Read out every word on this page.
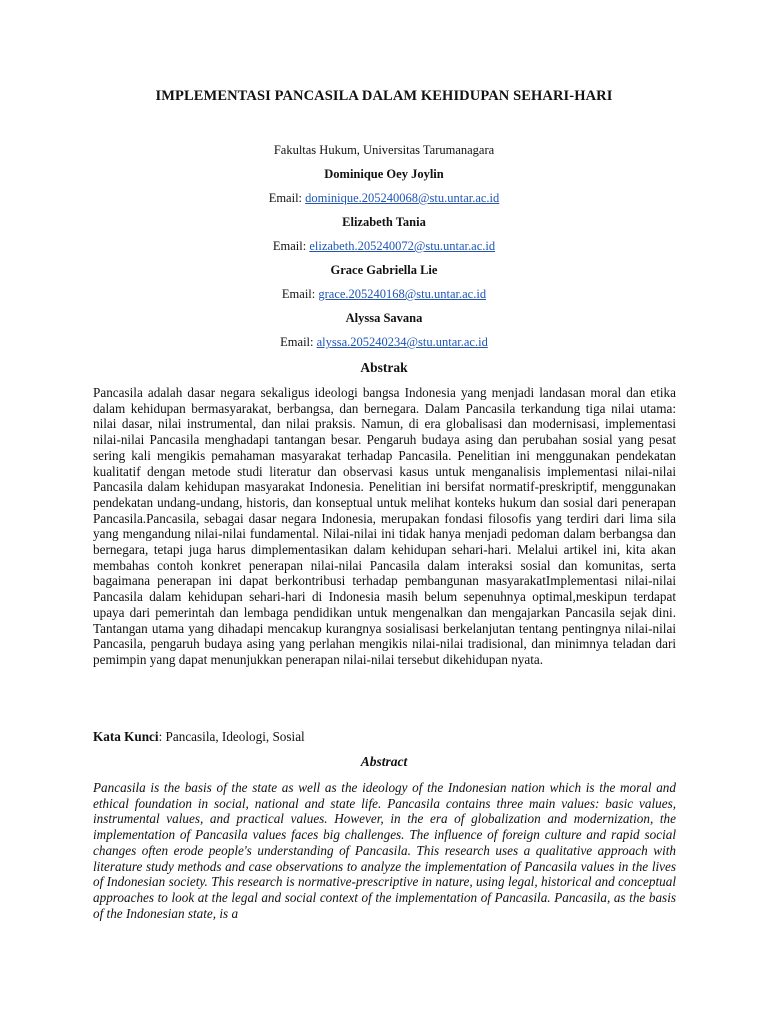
IMPLEMENTASI PANCASILA DALAM KEHIDUPAN SEHARI-HARI
Fakultas Hukum, Universitas Tarumanagara
Dominique Oey Joylin
Email: dominique.205240068@stu.untar.ac.id
Elizabeth Tania
Email: elizabeth.205240072@stu.untar.ac.id
Grace Gabriella Lie
Email: grace.205240168@stu.untar.ac.id
Alyssa Savana
Email: alyssa.205240234@stu.untar.ac.id
Abstrak

Pancasila adalah dasar negara sekaligus ideologi bangsa Indonesia yang menjadi landasan moral dan etika dalam kehidupan bermasyarakat, berbangsa, dan bernegara. Dalam Pancasila terkandung tiga nilai utama: nilai dasar, nilai instrumental, dan nilai praksis. Namun, di era globalisasi dan modernisasi, implementasi nilai-nilai Pancasila menghadapi tantangan besar. Pengaruh budaya asing dan perubahan sosial yang pesat sering kali mengikis pemahaman masyarakat terhadap Pancasila. Penelitian ini menggunakan pendekatan kualitatif dengan metode studi literatur dan observasi kasus untuk menganalisis implementasi nilai-nilai Pancasila dalam kehidupan masyarakat Indonesia. Penelitian ini bersifat normatif-preskriptif, menggunakan pendekatan undang-undang, historis, dan konseptual untuk melihat konteks hukum dan sosial dari penerapan Pancasila.Pancasila, sebagai dasar negara Indonesia, merupakan fondasi filosofis yang terdiri dari lima sila yang mengandung nilai-nilai fundamental. Nilai-nilai ini tidak hanya menjadi pedoman dalam berbangsa dan bernegara, tetapi juga harus dimplementasikan dalam kehidupan sehari-hari. Melalui artikel ini, kita akan membahas contoh konkret penerapan nilai-nilai Pancasila dalam interaksi sosial dan komunitas, serta bagaimana penerapan ini dapat berkontribusi terhadap pembangunan masyarakatImplementasi nilai-nilai Pancasila dalam kehidupan sehari-hari di Indonesia masih belum sepenuhnya optimal,meskipun terdapat upaya dari pemerintah dan lembaga pendidikan untuk mengenalkan dan mengajarkan Pancasila sejak dini. Tantangan utama yang dihadapi mencakup kurangnya sosialisasi berkelanjutan tentang pentingnya nilai-nilai Pancasila, pengaruh budaya asing yang perlahan mengikis nilai-nilai tradisional, dan minimnya teladan dari pemimpin yang dapat menunjukkan penerapan nilai-nilai tersebut dikehidupan nyata.

Kata Kunci: Pancasila, Ideologi, Sosial
Abstract

Pancasila is the basis of the state as well as the ideology of the Indonesian nation which is the moral and ethical foundation in social, national and state life. Pancasila contains three main values: basic values, instrumental values, and practical values. However, in the era of globalization and modernization, the implementation of Pancasila values faces big challenges. The influence of foreign culture and rapid social changes often erode people's understanding of Pancasila. This research uses a qualitative approach with literature study methods and case observations to analyze the implementation of Pancasila values in the lives of Indonesian society. This research is normative-prescriptive in nature, using legal, historical and conceptual approaches to look at the legal and social context of the implementation of Pancasila. Pancasila, as the basis of the Indonesian state, is a
